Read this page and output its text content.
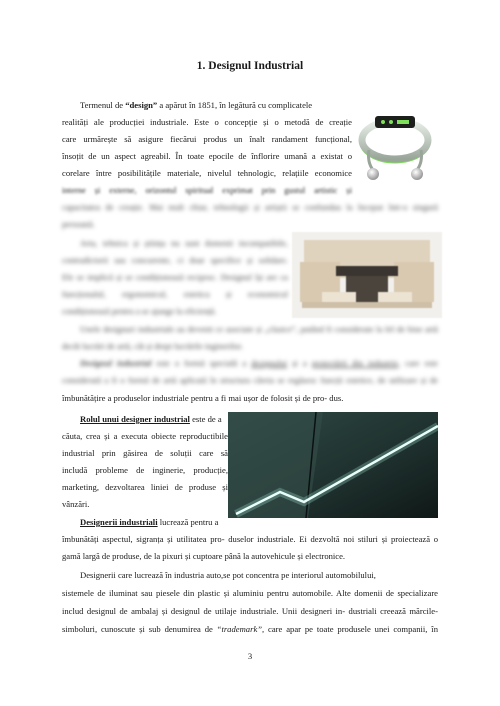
1. Designul Industrial
Termenul de “design” a apărut în 1851, în legătură cu complicatele
realități ale producției industriale. Este o concepție și o metodă de creație
care urmărește să asigure fiecărui produs un înalt randament funcțional,
însoțit de un aspect agreabil. În toate epocile de înflorire umană a existat o
corelare între posibilitățile materiale, nivelul tehnologic, relațiile economice
interne și externe, orizontul spiritual exprimat prin gustul artistic și
capacitatea de creație. Mai mult chiar, tehnologii și artiștii se confundau la început într-o singură
persoană.
Arta, tehnica și știința nu sunt domenii incompatibile,
contradictorii sau concurente, ci doar specifice și solidare.
Ele se implică și se condiționează reciproc. Designul își are ca
funcționalul, ergonomicul, estetica și economicul
condiționează pentru a se ajunge la eficiență.
Unele designuri industriale au devenit ce asociate și „clasice”, putând fi considerate la fel de bine artă
decât lucrări de artă, cât și drept lucrările inginerilor.
Designul industrial este o formă specială a designului și a proiectării din industrie, care este
considerată a fi o formă de artă aplicată în structura căreia se regăsesc funcții estetice, de utilizare și de
îmbunătățire a produselor industriale pentru a fi mai ușor de folosit și de pro- dus.
Rolul unui designer industrial este de a
căuta, crea și a executa obiecte reproductibile
industrial prin găsirea de soluții care să
includă probleme de inginerie, producție,
marketing, dezvoltarea liniei de produse și
vânzări.
Designerii industriali lucrează pentru a
îmbunătăți aspectul, sigranța și utilitatea pro- duselor industriale. Ei dezvoltă noi stiluri și proiectează o
gamă largă de produse, de la pixuri și cuptoare până la autovehicule și electronice.
Designerii care lucrează în industria auto,se pot concentra pe interiorul automobilului,
sistemele de iluminat sau piesele din plastic și aluminiu pentru automobile. Alte domenii de specializare
includ designul de ambalaj și designul de utilaje industriale. Unii designeri in- dustriali creează mărcile-
simboluri, cunoscute și sub denumirea de “trademark”, care apar pe toate produsele unei companii, în
3
